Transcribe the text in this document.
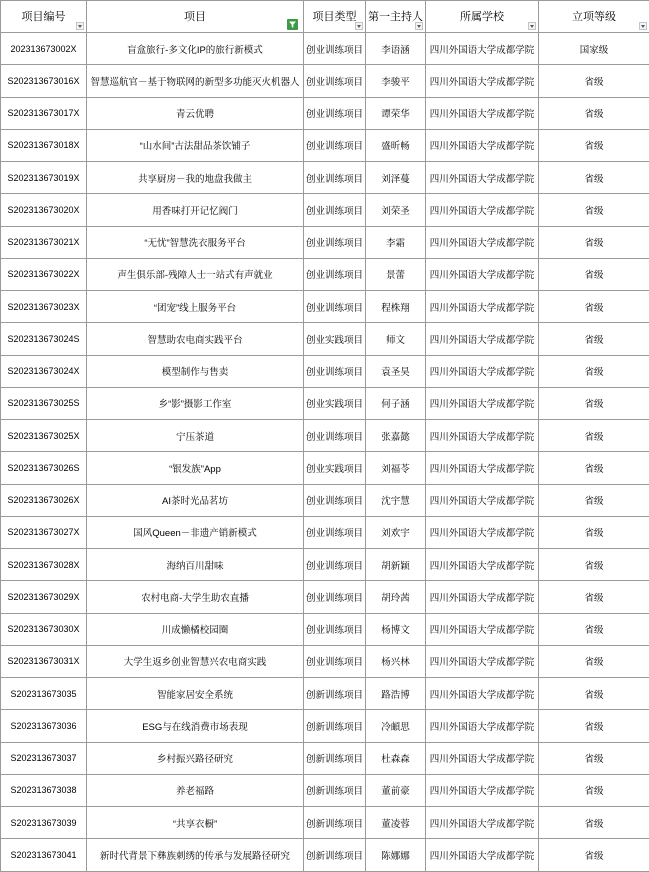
项目编号	项目	项目类型	第一主持人	所属学校	立项等级

202313673002X	盲盒旅行-多文化IP的旅行新模式	创业训练项目	李语涵	四川外国语大学成都学院	国家级
S202313673016X	智慧巡航官－基于物联网的新型多功能灭火机器人	创业训练项目	李骏平	四川外国语大学成都学院	省级
S202313673017X	青云优聘	创业训练项目	谭荣华	四川外国语大学成都学院	省级
S202313673018X	“山水间”古法甜品茶饮铺子	创业训练项目	盛昕畅	四川外国语大学成都学院	省级
S202313673019X	共享厨房－我的地盘我做主	创业训练项目	刘泽蔓	四川外国语大学成都学院	省级
S202313673020X	用香味打开记忆阀门	创业训练项目	刘荣圣	四川外国语大学成都学院	省级
S202313673021X	“无忧”智慧洗衣服务平台	创业训练项目	李霜	四川外国语大学成都学院	省级
S202313673022X	声生俱乐部-残障人士一站式有声就业	创业训练项目	景蕾	四川外国语大学成都学院	省级
S202313673023X	“团宠”线上服务平台	创业训练项目	程株翔	四川外国语大学成都学院	省级
S202313673024S	智慧助农电商实践平台	创业实践项目	师文	四川外国语大学成都学院	省级
S202313673024X	模型制作与售卖	创业训练项目	袁圣昊	四川外国语大学成都学院	省级
S202313673025S	乡“影”摄影工作室	创业实践项目	何子涵	四川外国语大学成都学院	省级
S202313673025X	宁压茶道	创业训练项目	张嘉懿	四川外国语大学成都学院	省级
S202313673026S	“银发族”App	创业实践项目	刘福苓	四川外国语大学成都学院	省级
S202313673026X	AI茶时光品茗坊	创业训练项目	沈宇慧	四川外国语大学成都学院	省级
S202313673027X	国风Queen－非遗产销新模式	创业训练项目	刘欢宇	四川外国语大学成都学院	省级
S202313673028X	海纳百川甜味	创业训练项目	胡新颖	四川外国语大学成都学院	省级
S202313673029X	农村电商-大学生助农直播	创业训练项目	胡玲茜	四川外国语大学成都学院	省级
S202313673030X	川成懒橘校园圈	创业训练项目	杨博文	四川外国语大学成都学院	省级
S202313673031X	大学生返乡创业智慧兴农电商实践	创业训练项目	杨兴林	四川外国语大学成都学院	省级
S202313673035	智能家居安全系统	创新训练项目	路浩博	四川外国语大学成都学院	省级
S202313673036	ESG与在线消费市场表现	创新训练项目	冷頔思	四川外国语大学成都学院	省级
S202313673037	乡村振兴路径研究	创新训练项目	杜森森	四川外国语大学成都学院	省级
S202313673038	养老福路	创新训练项目	董前豪	四川外国语大学成都学院	省级
S202313673039	“共享衣橱”	创新训练项目	董凌蓉	四川外国语大学成都学院	省级
S202313673041	新时代背景下彝族刺绣的传承与发展路径研究	创新训练项目	陈娜娜	四川外国语大学成都学院	省级
